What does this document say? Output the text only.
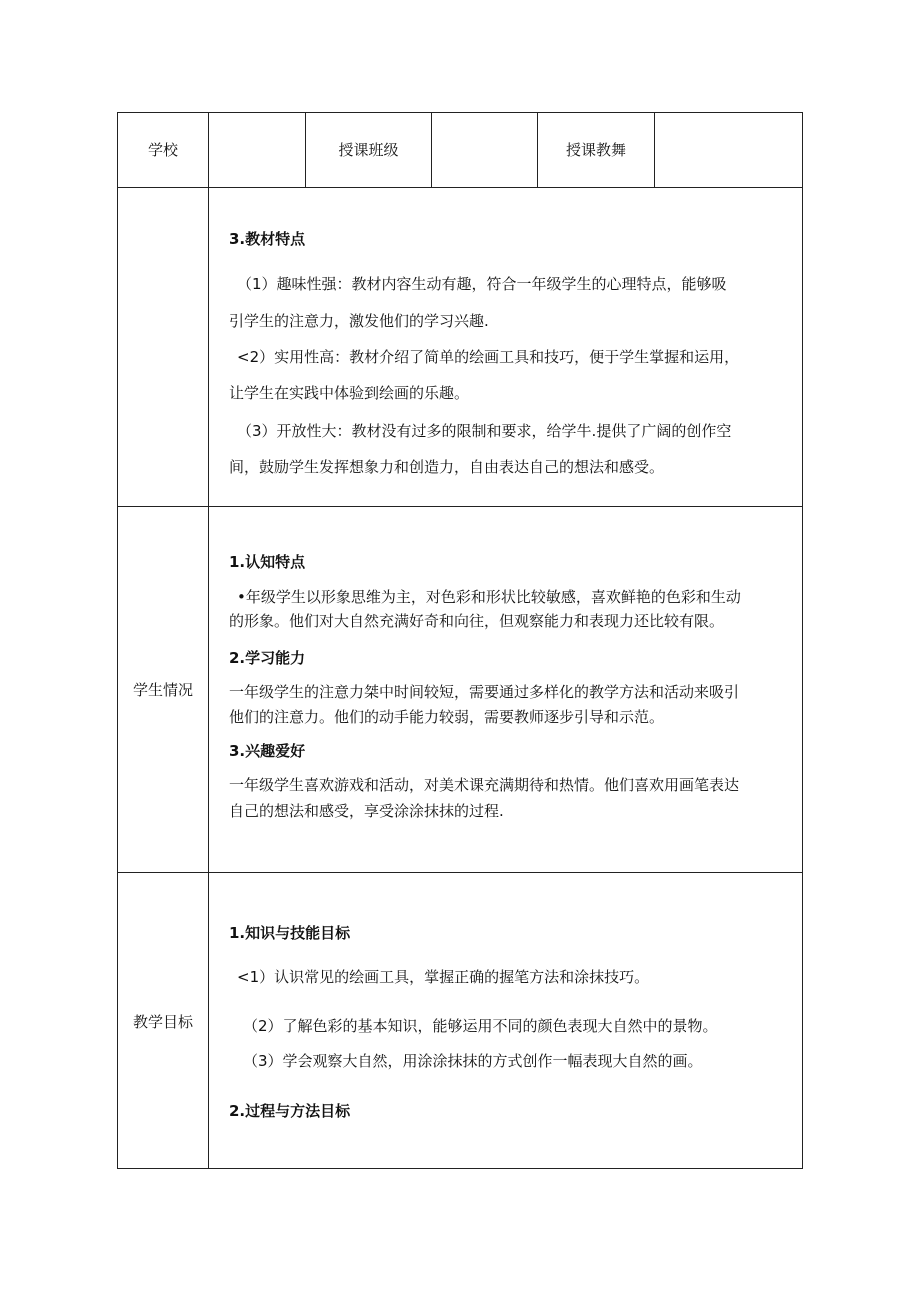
学校	授课班级	授课教舞
学生情况
教学目标

3.教材特点

（1）趣味性强：教材内容生动有趣，符合一年级学生的心理特点，能够吸

引学生的注意力，激发他们的学习兴趣.

<2）实用性高：教材介绍了简单的绘画工具和技巧，便于学生掌握和运用，

让学生在实践中体验到绘画的乐趣。

（3）开放性大：教材没有过多的限制和要求，给学牛.提供了广阔的创作空

间，鼓励学生发挥想象力和创造力，自由表达自己的想法和感受。

1.认知特点

•年级学生以形象思维为主，对色彩和形状比较敏感，喜欢鲜艳的色彩和生动

的形象。他们对大自然充满好奇和向往，但观察能力和表现力还比较有限。

2.学习能力

一年级学生的注意力桀中时间较短，需要通过多样化的教学方法和活动来吸引

他们的注意力。他们的动手能力较弱，需要教师逐步引导和示范。

3.兴趣爱好

一年级学生喜欢游戏和活动，对美术课充满期待和热情。他们喜欢用画笔表达

自己的想法和感受，享受涂涂抹抹的过程.

1.知识与技能目标

<1）认识常见的绘画工具，掌握正确的握笔方法和涂抹技巧。

（2）了解色彩的基本知识，能够运用不同的颜色表现大自然中的景物。

（3）学会观察大自然，用涂涂抹抹的方式创作一幅表现大自然的画。

2.过程与方法目标
